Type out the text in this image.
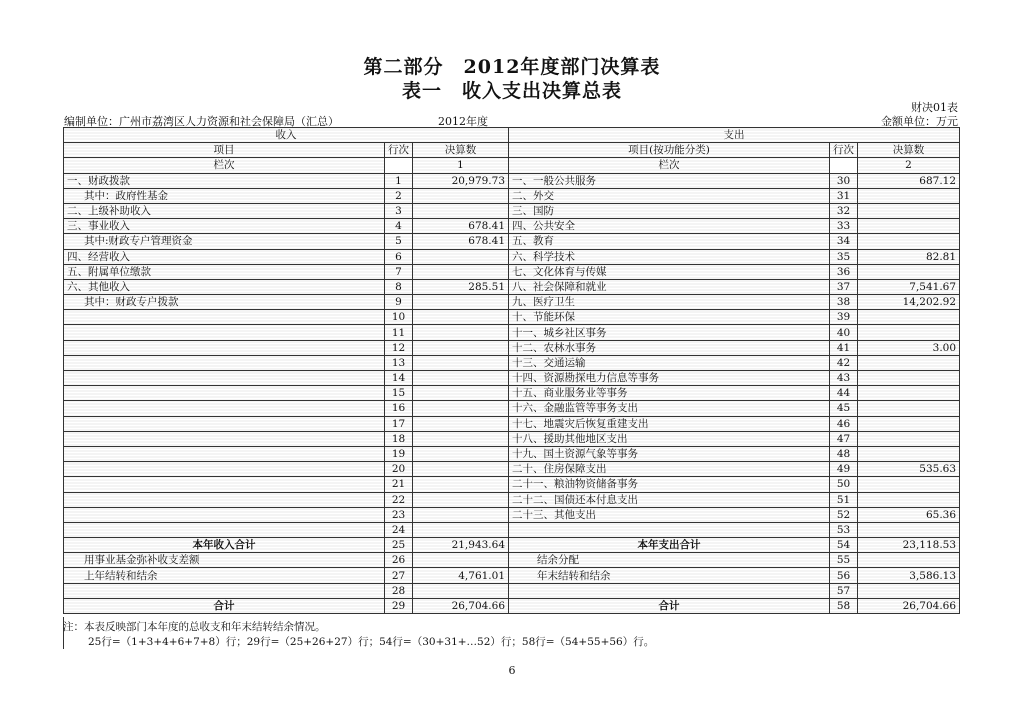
第二部分　2012年度部门决算表
表一　收入支出决算总表
财决01表
编制单位：广州市荔湾区人力资源和社会保障局（汇总）	2012年度	金额单位：万元
收入			支出		
项目	行次	决算数	项目(按功能分类)	行次	决算数
栏次		1	栏次		2
一、财政拨款	1	20,979.73	一、一般公共服务	30	687.12
其中：政府性基金	2		二、外交	31	
二、上级补助收入	3		三、国防	32	
三、事业收入	4	678.41	四、公共安全	33	
其中:财政专户管理资金	5	678.41	五、教育	34	
四、经营收入	6		六、科学技术	35	82.81
五、附属单位缴款	7		七、文化体育与传媒	36	
六、其他收入	8	285.51	八、社会保障和就业	37	7,541.67
其中：财政专户拨款	9		九、医疗卫生	38	14,202.92
	10		十、节能环保	39	
	11		十一、城乡社区事务	40	
	12		十二、农林水事务	41	3.00
	13		十三、交通运输	42	
	14		十四、资源勘探电力信息等事务	43	
	15		十五、商业服务业等事务	44	
	16		十六、金融监管等事务支出	45	
	17		十七、地震灾后恢复重建支出	46	
	18		十八、援助其他地区支出	47	
	19		十九、国土资源气象等事务	48	
	20		二十、住房保障支出	49	535.63
	21		二十一、粮油物资储备事务	50	
	22		二十二、国债还本付息支出	51	
	23		二十三、其他支出	52	65.36
	24			53	
本年收入合计	25	21,943.64	本年支出合计	54	23,118.53
用事业基金弥补收支差额	26		结余分配	55	
上年结转和结余	27	4,761.01	年末结转和结余	56	3,586.13
	28			57	
合计	29	26,704.66	合计	58	26,704.66
注：本表反映部门本年度的总收支和年末结转结余情况。
25行=（1+3+4+6+7+8）行；29行=（25+26+27）行；54行=（30+31+…52）行；58行=（54+55+56）行。
6
